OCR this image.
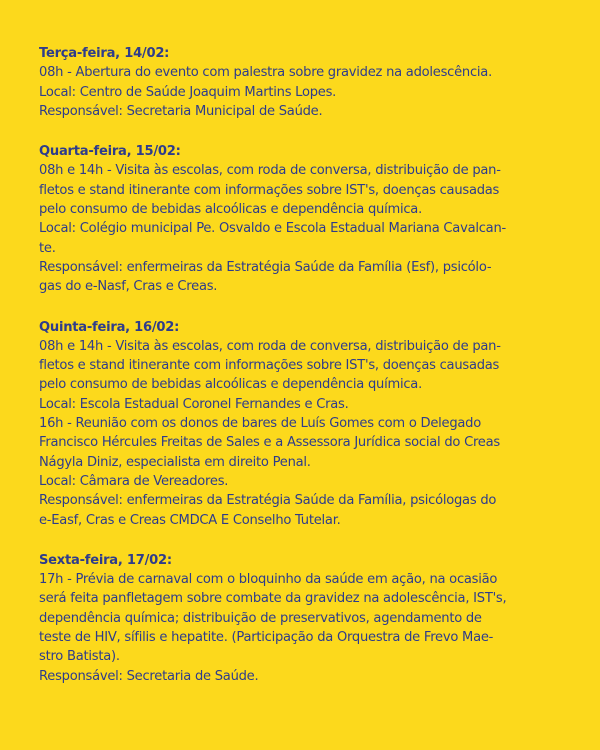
Terça-feira, 14/02:
08h - Abertura do evento com palestra sobre gravidez na adolescência.
Local: Centro de Saúde Joaquim Martins Lopes.
Responsável: Secretaria Municipal de Saúde.
Quarta-feira, 15/02:
08h e 14h - Visita às escolas, com roda de conversa, distribuição de pan-
fletos e stand itinerante com informações sobre IST's, doenças causadas
pelo consumo de bebidas alcoólicas e dependência química.
Local: Colégio municipal Pe. Osvaldo e Escola Estadual Mariana Cavalcan-
te.
Responsável: enfermeiras da Estratégia Saúde da Família (Esf), psicólo-
gas do e-Nasf, Cras e Creas.
Quinta-feira, 16/02:
08h e 14h - Visita às escolas, com roda de conversa, distribuição de pan-
fletos e stand itinerante com informações sobre IST's, doenças causadas
pelo consumo de bebidas alcoólicas e dependência química.
Local: Escola Estadual Coronel Fernandes e Cras.
16h - Reunião com os donos de bares de Luís Gomes com o Delegado
Francisco Hércules Freitas de Sales e a Assessora Jurídica social do Creas
Nágyla Diniz, especialista em direito Penal.
Local: Câmara de Vereadores.
Responsável: enfermeiras da Estratégia Saúde da Família, psicólogas do
e-Easf, Cras e Creas CMDCA E Conselho Tutelar.
Sexta-feira, 17/02:
17h - Prévia de carnaval com o bloquinho da saúde em ação, na ocasião
será feita panfletagem sobre combate da gravidez na adolescência, IST's,
dependência química; distribuição de preservativos, agendamento de
teste de HIV, sífilis e hepatite. (Participação da Orquestra de Frevo Mae-
stro Batista).
Responsável: Secretaria de Saúde.
